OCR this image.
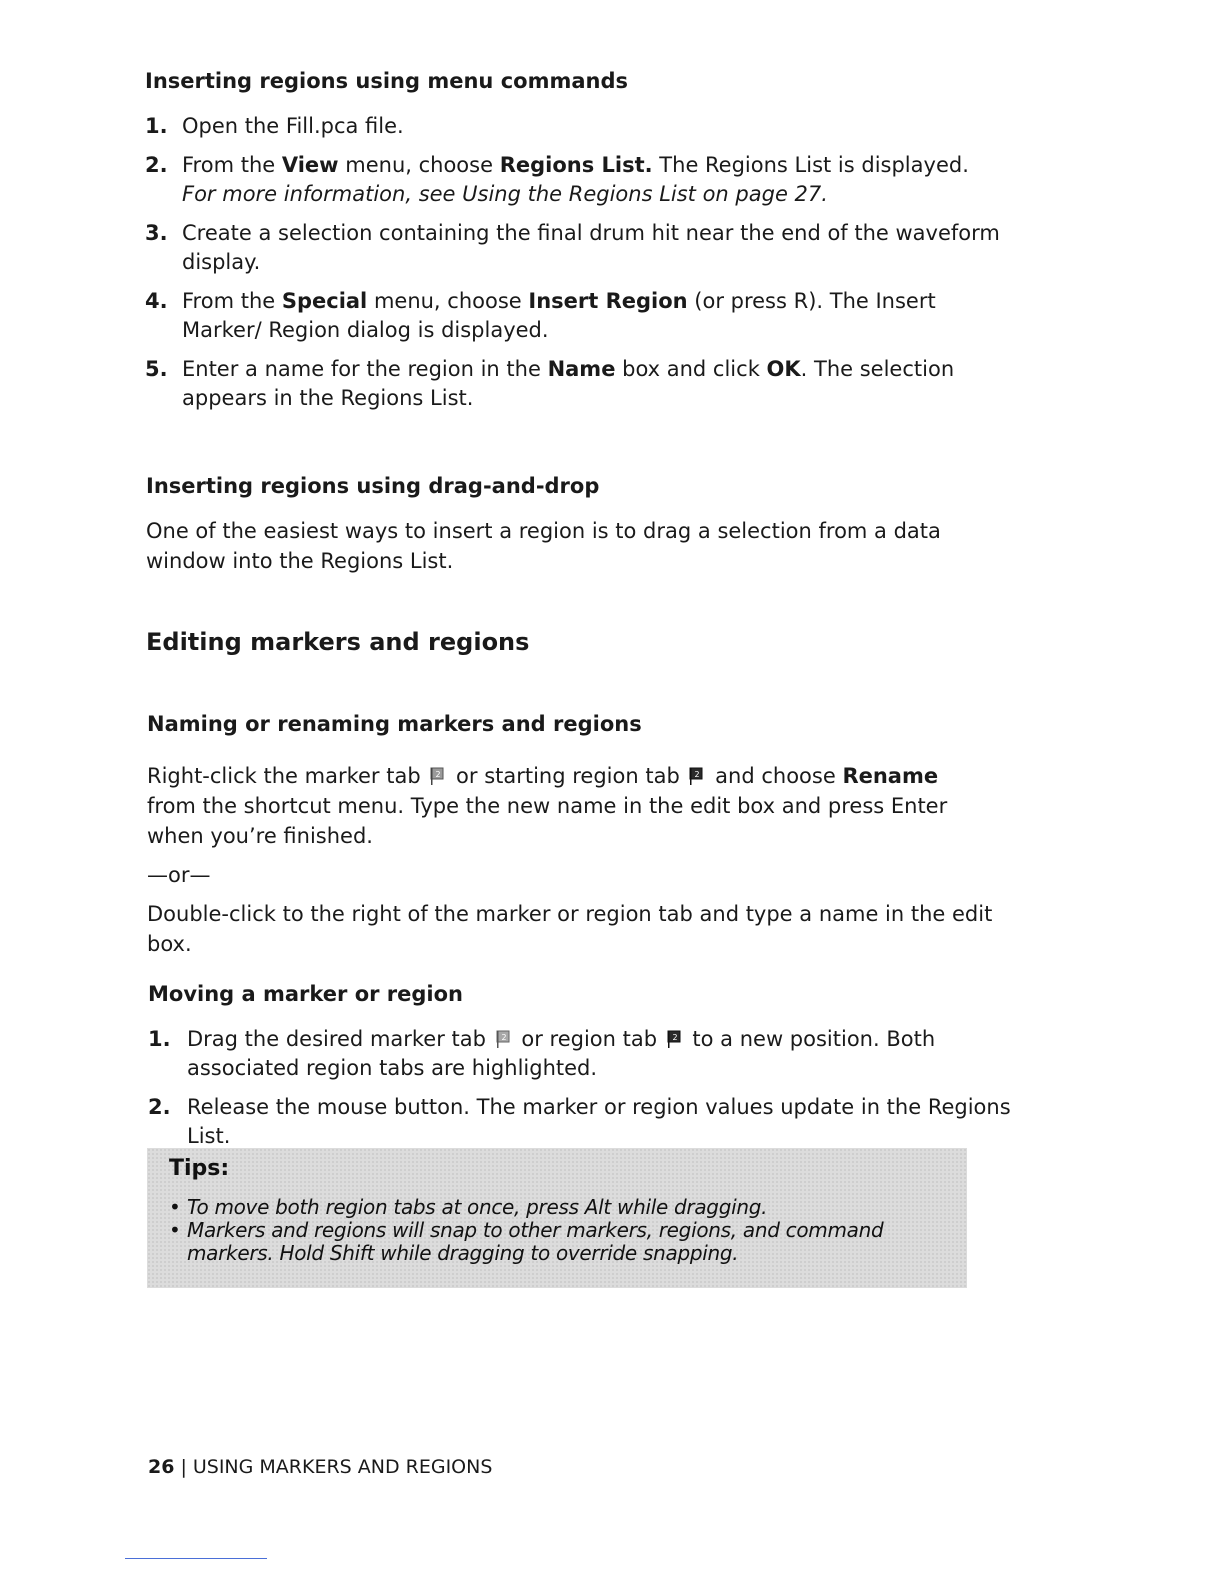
Inserting regions using menu commands
1. Open the Fill.pca file.
2. From the View menu, choose Regions List. The Regions List is displayed. For more information, see Using the Regions List on page 27.
3. Create a selection containing the final drum hit near the end of the waveform display.
4. From the Special menu, choose Insert Region (or press R). The Insert Marker/ Region dialog is displayed.
5. Enter a name for the region in the Name box and click OK. The selection appears in the Regions List.
Inserting regions using drag-and-drop
One of the easiest ways to insert a region is to drag a selection from a data window into the Regions List.
Editing markers and regions
Naming or renaming markers and regions
Right-click the marker tab 2 or starting region tab 2 and choose Rename from the shortcut menu. Type the new name in the edit box and press Enter when you’re finished.
—or—
Double-click to the right of the marker or region tab and type a name in the edit box.
Moving a marker or region
1. Drag the desired marker tab 2 or region tab 2 to a new position. Both associated region tabs are highlighted.
2. Release the mouse button. The marker or region values update in the Regions List.
Tips:
• To move both region tabs at once, press Alt while dragging.
• Markers and regions will snap to other markers, regions, and command markers. Hold Shift while dragging to override snapping.
26 | USING MARKERS AND REGIONS
